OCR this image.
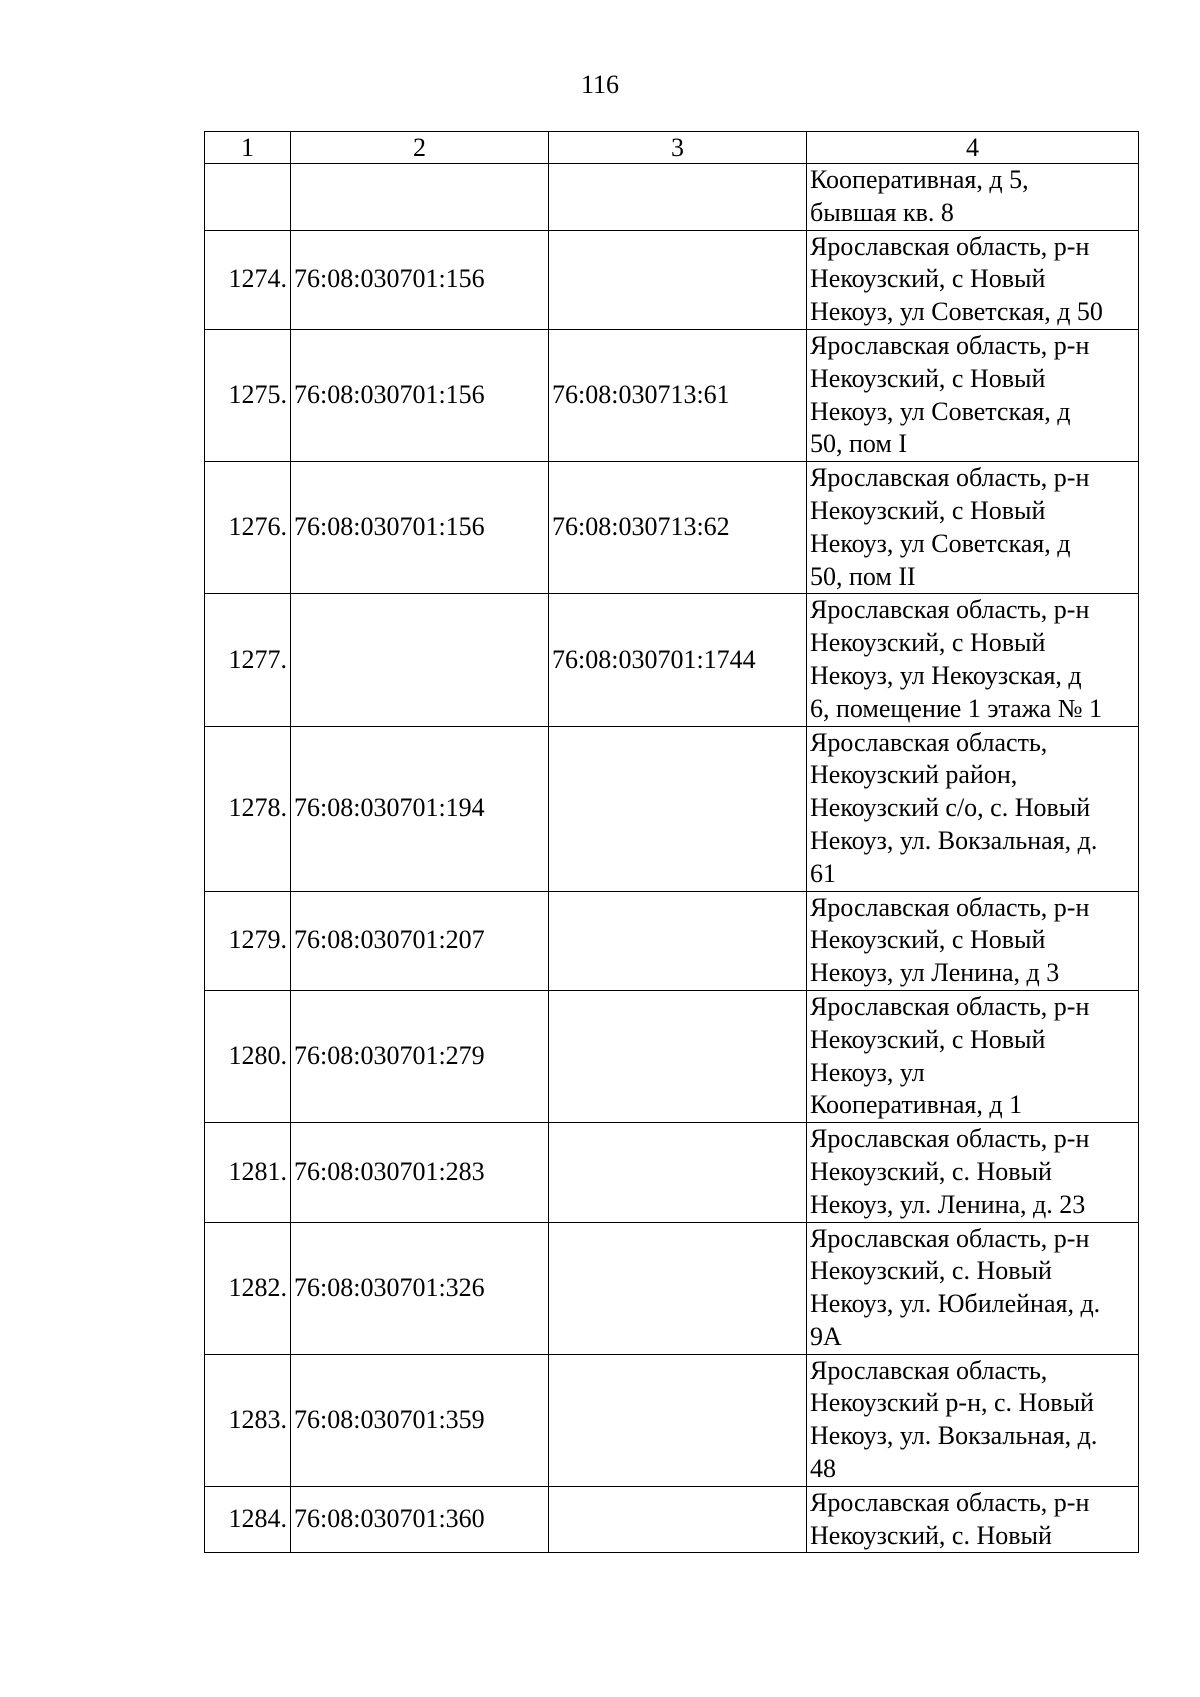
116
1	2	3	4

			Кооперативная, д 5,
бывшая кв. 8

1274.	76:08:030701:156		Ярославская область, р-н
Некоузский, с Новый
Некоуз, ул Советская, д 50

1275.	76:08:030701:156	76:08:030713:61	Ярославская область, р-н
Некоузский, с Новый
Некоуз, ул Советская, д
50, пом I

1276.	76:08:030701:156	76:08:030713:62	Ярославская область, р-н
Некоузский, с Новый
Некоуз, ул Советская, д
50, пом II

1277.		76:08:030701:1744	Ярославская область, р-н
Некоузский, с Новый
Некоуз, ул Некоузская, д
6, помещение 1 этажа № 1

1278.	76:08:030701:194		Ярославская область,
Некоузский район,
Некоузский с/о, с. Новый
Некоуз, ул. Вокзальная, д.
61

1279.	76:08:030701:207		Ярославская область, р-н
Некоузский, с Новый
Некоуз, ул Ленина, д 3

1280.	76:08:030701:279		Ярославская область, р-н
Некоузский, с Новый
Некоуз, ул
Кооперативная, д 1

1281.	76:08:030701:283		Ярославская область, р-н
Некоузский, с. Новый
Некоуз, ул. Ленина, д. 23

1282.	76:08:030701:326		Ярославская область, р-н
Некоузский, с. Новый
Некоуз, ул. Юбилейная, д.
9А

1283.	76:08:030701:359		Ярославская область,
Некоузский р-н, с. Новый
Некоуз, ул. Вокзальная, д.
48

1284.	76:08:030701:360		Ярославская область, р-н
Некоузский, с. Новый
